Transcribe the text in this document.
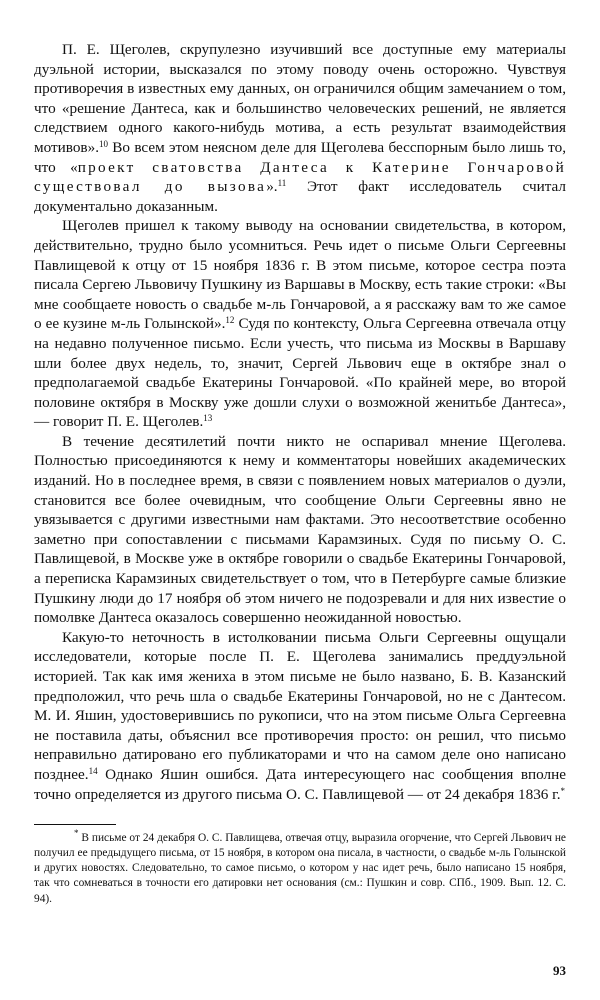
П. Е. Щеголев, скрупулезно изучивший все доступные ему материалы дуэльной истории, высказался по этому поводу очень осторожно. Чувствуя противоречия в известных ему данных, он ограничился общим замечанием о том, что «решение Дантеса, как и большинство человеческих решений, не является следствием одного какого-нибудь мотива, а есть результат взаимодействия мотивов».$^{10}$ Во всем этом неясном деле для Щеголева бесспорным было лишь то, что «проект сватовства Дантеса к Катерине Гончаровой существовал до вызова».$^{11}$ Этот факт исследователь считал документально доказанным.

Щеголев пришел к такому выводу на основании свидетельства, в котором, действительно, трудно было усомниться. Речь идет о письме Ольги Сергеевны Павлищевой к отцу от 15 ноября 1836 г. В этом письме, которое сестра поэта писала Сергею Львовичу Пушкину из Варшавы в Москву, есть такие строки: «Вы мне сообщаете новость о свадьбе м-ль Гончаровой, а я расскажу вам то же самое о ее кузине м-ль Голынской».$^{12}$ Судя по контексту, Ольга Сергеевна отвечала отцу на недавно полученное письмо. Если учесть, что письма из Москвы в Варшаву шли более двух недель, то, значит, Сергей Львович еще в октябре знал о предполагаемой свадьбе Екатерины Гончаровой. «По крайней мере, во второй половине октября в Москву уже дошли слухи о возможной женитьбе Дантеса», — говорит П. Е. Щеголев.$^{13}$

В течение десятилетий почти никто не оспаривал мнение Щеголева. Полностью присоединяются к нему и комментаторы новейших академических изданий. Но в последнее время, в связи с появлением новых материалов о дуэли, становится все более очевидным, что сообщение Ольги Сергеевны явно не увязывается с другими известными нам фактами. Это несоответствие особенно заметно при сопоставлении с письмами Карамзиных. Судя по письму О. С. Павлищевой, в Москве уже в октябре говорили о свадьбе Екатерины Гончаровой, а переписка Карамзиных свидетельствует о том, что в Петербурге самые близкие Пушкину люди до 17 ноября об этом ничего не подозревали и для них известие о помолвке Дантеса оказалось совершенно неожиданной новостью.

Какую-то неточность в истолковании письма Ольги Сергеевны ощущали исследователи, которые после П. Е. Щеголева занимались преддуэльной историей. Так как имя жениха в этом письме не было названо, Б. В. Казанский предположил, что речь шла о свадьбе Екатерины Гончаровой, но не с Дантесом. М. И. Яшин, удостоверившись по рукописи, что на этом письме Ольга Сергеевна не поставила даты, объяснил все противоречия просто: он решил, что письмо неправильно датировано его публикаторами и что на самом деле оно написано позднее.$^{14}$ Однако Яшин ошибся. Дата интересующего нас сообщения вполне точно определяется из другого письма О. С. Павлищевой — от 24 декабря 1836 г.*

* В письме от 24 декабря О. С. Павлищева, отвечая отцу, выразила огорчение, что Сергей Львович не получил ее предыдущего письма, от 15 ноября, в котором она писала, в частности, о свадьбе м-ль Голынской и других новостях. Следовательно, то самое письмо, о котором у нас идет речь, было написано 15 ноября, так что сомневаться в точности его датировки нет основания (см.: Пушкин и совр. СПб., 1909. Вып. 12. С. 94).

93
